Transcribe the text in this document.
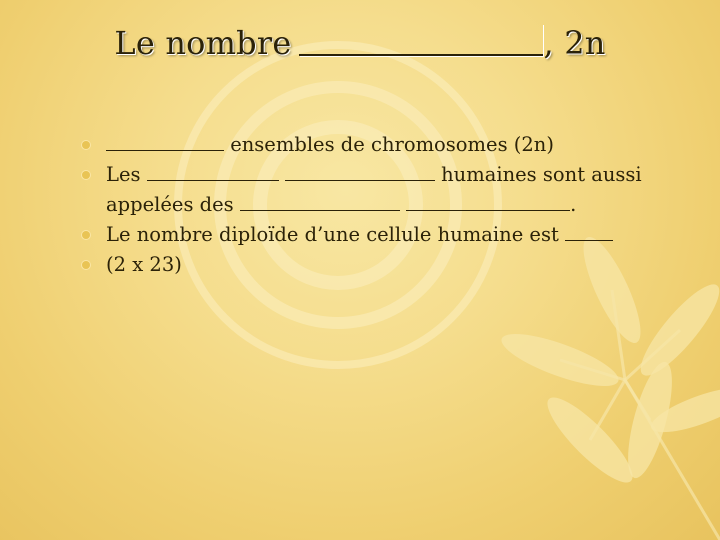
Le nombre	, 2n
ensembles de chromosomes (2n)
Les	humaines sont aussi
appelées des	.
Le nombre diploïde d’une cellule humaine est
(2 x 23)
